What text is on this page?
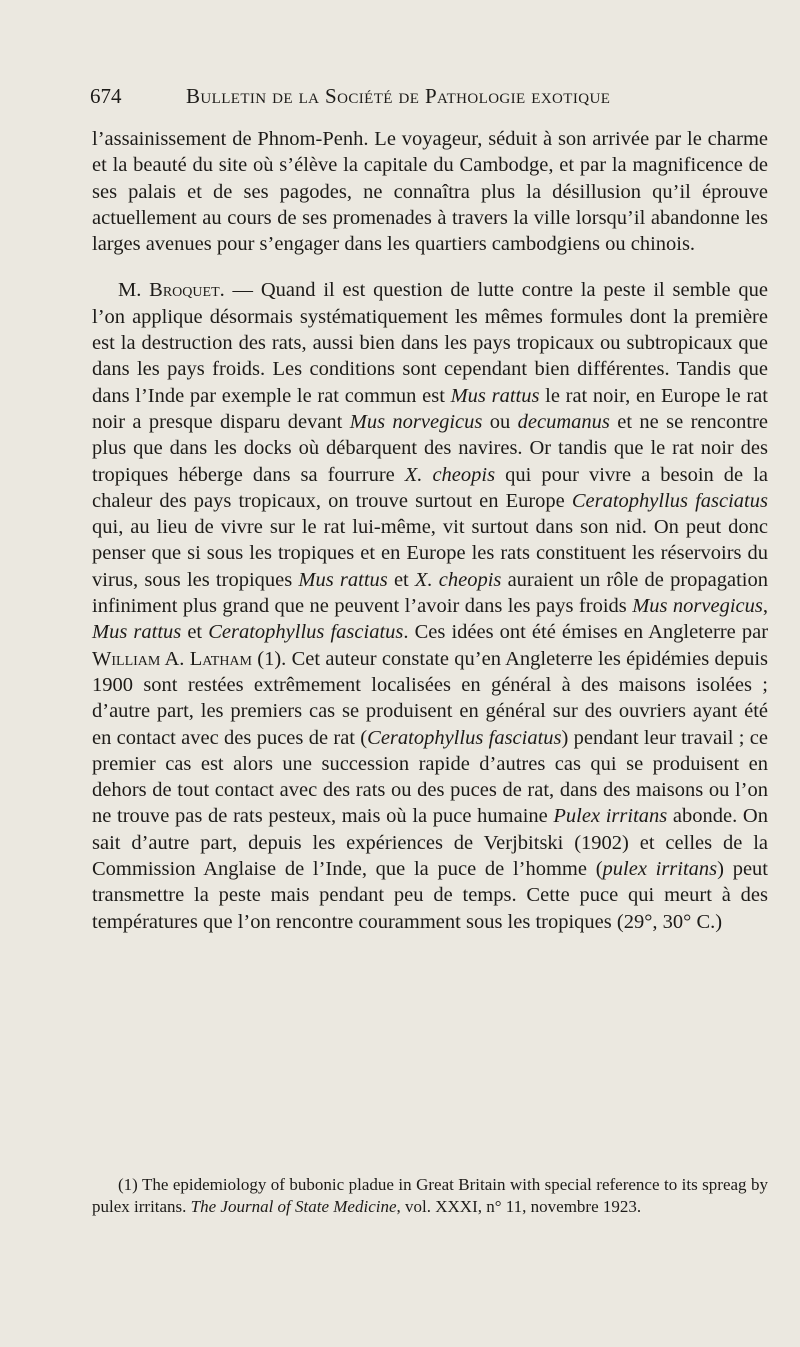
674	Bulletin de la Société de Pathologie exotique

l’assainissement de Phnom-Penh. Le voyageur, séduit à son arrivée par le charme et la beauté du site où s’élève la capitale du Cambodge, et par la magnificence de ses palais et de ses pagodes, ne connaîtra plus la désillusion qu’il éprouve actuellement au cours de ses promenades à travers la ville lorsqu’il abandonne les larges avenues pour s’engager dans les quartiers cambodgiens ou chinois.

M. Broquet. — Quand il est question de lutte contre la peste il semble que l’on applique désormais systématiquement les mêmes formules dont la première est la destruction des rats, aussi bien dans les pays tropicaux ou subtropicaux que dans les pays froids. Les conditions sont cependant bien différentes. Tandis que dans l’Inde par exemple le rat commun est Mus rattus le rat noir, en Europe le rat noir a presque disparu devant Mus norvegicus ou decumanus et ne se rencontre plus que dans les docks où débarquent des navires. Or tandis que le rat noir des tropiques héberge dans sa fourrure X. cheopis qui pour vivre a besoin de la chaleur des pays tropicaux, on trouve surtout en Europe Ceratophyllus fasciatus qui, au lieu de vivre sur le rat lui-même, vit surtout dans son nid. On peut donc penser que si sous les tropiques et en Europe les rats constituent les réservoirs du virus, sous les tropiques Mus rattus et X. cheopis auraient un rôle de propagation infiniment plus grand que ne peuvent l’avoir dans les pays froids Mus norvegicus, Mus rattus et Ceratophyllus fasciatus. Ces idées ont été émises en Angleterre par William A. Latham (1). Cet auteur constate qu’en Angleterre les épidémies depuis 1900 sont restées extrêmement localisées en général à des maisons isolées ; d’autre part, les premiers cas se produisent en général sur des ouvriers ayant été en contact avec des puces de rat (Ceratophyllus fasciatus) pendant leur travail ; ce premier cas est alors une succession rapide d’autres cas qui se produisent en dehors de tout contact avec des rats ou des puces de rat, dans des maisons ou l’on ne trouve pas de rats pesteux, mais où la puce humaine Pulex irritans abonde. On sait d’autre part, depuis les expériences de Verjbitski (1902) et celles de la Commission Anglaise de l’Inde, que la puce de l’homme (pulex irritans) peut transmettre la peste mais pendant peu de temps. Cette puce qui meurt à des températures que l’on rencontre couramment sous les tropiques (29°, 30° C.)

(1) The epidemiology of bubonic pladue in Great Britain with special reference to its spreag by pulex irritans. The Journal of State Medicine, vol. XXXI, n° 11, novembre 1923.
